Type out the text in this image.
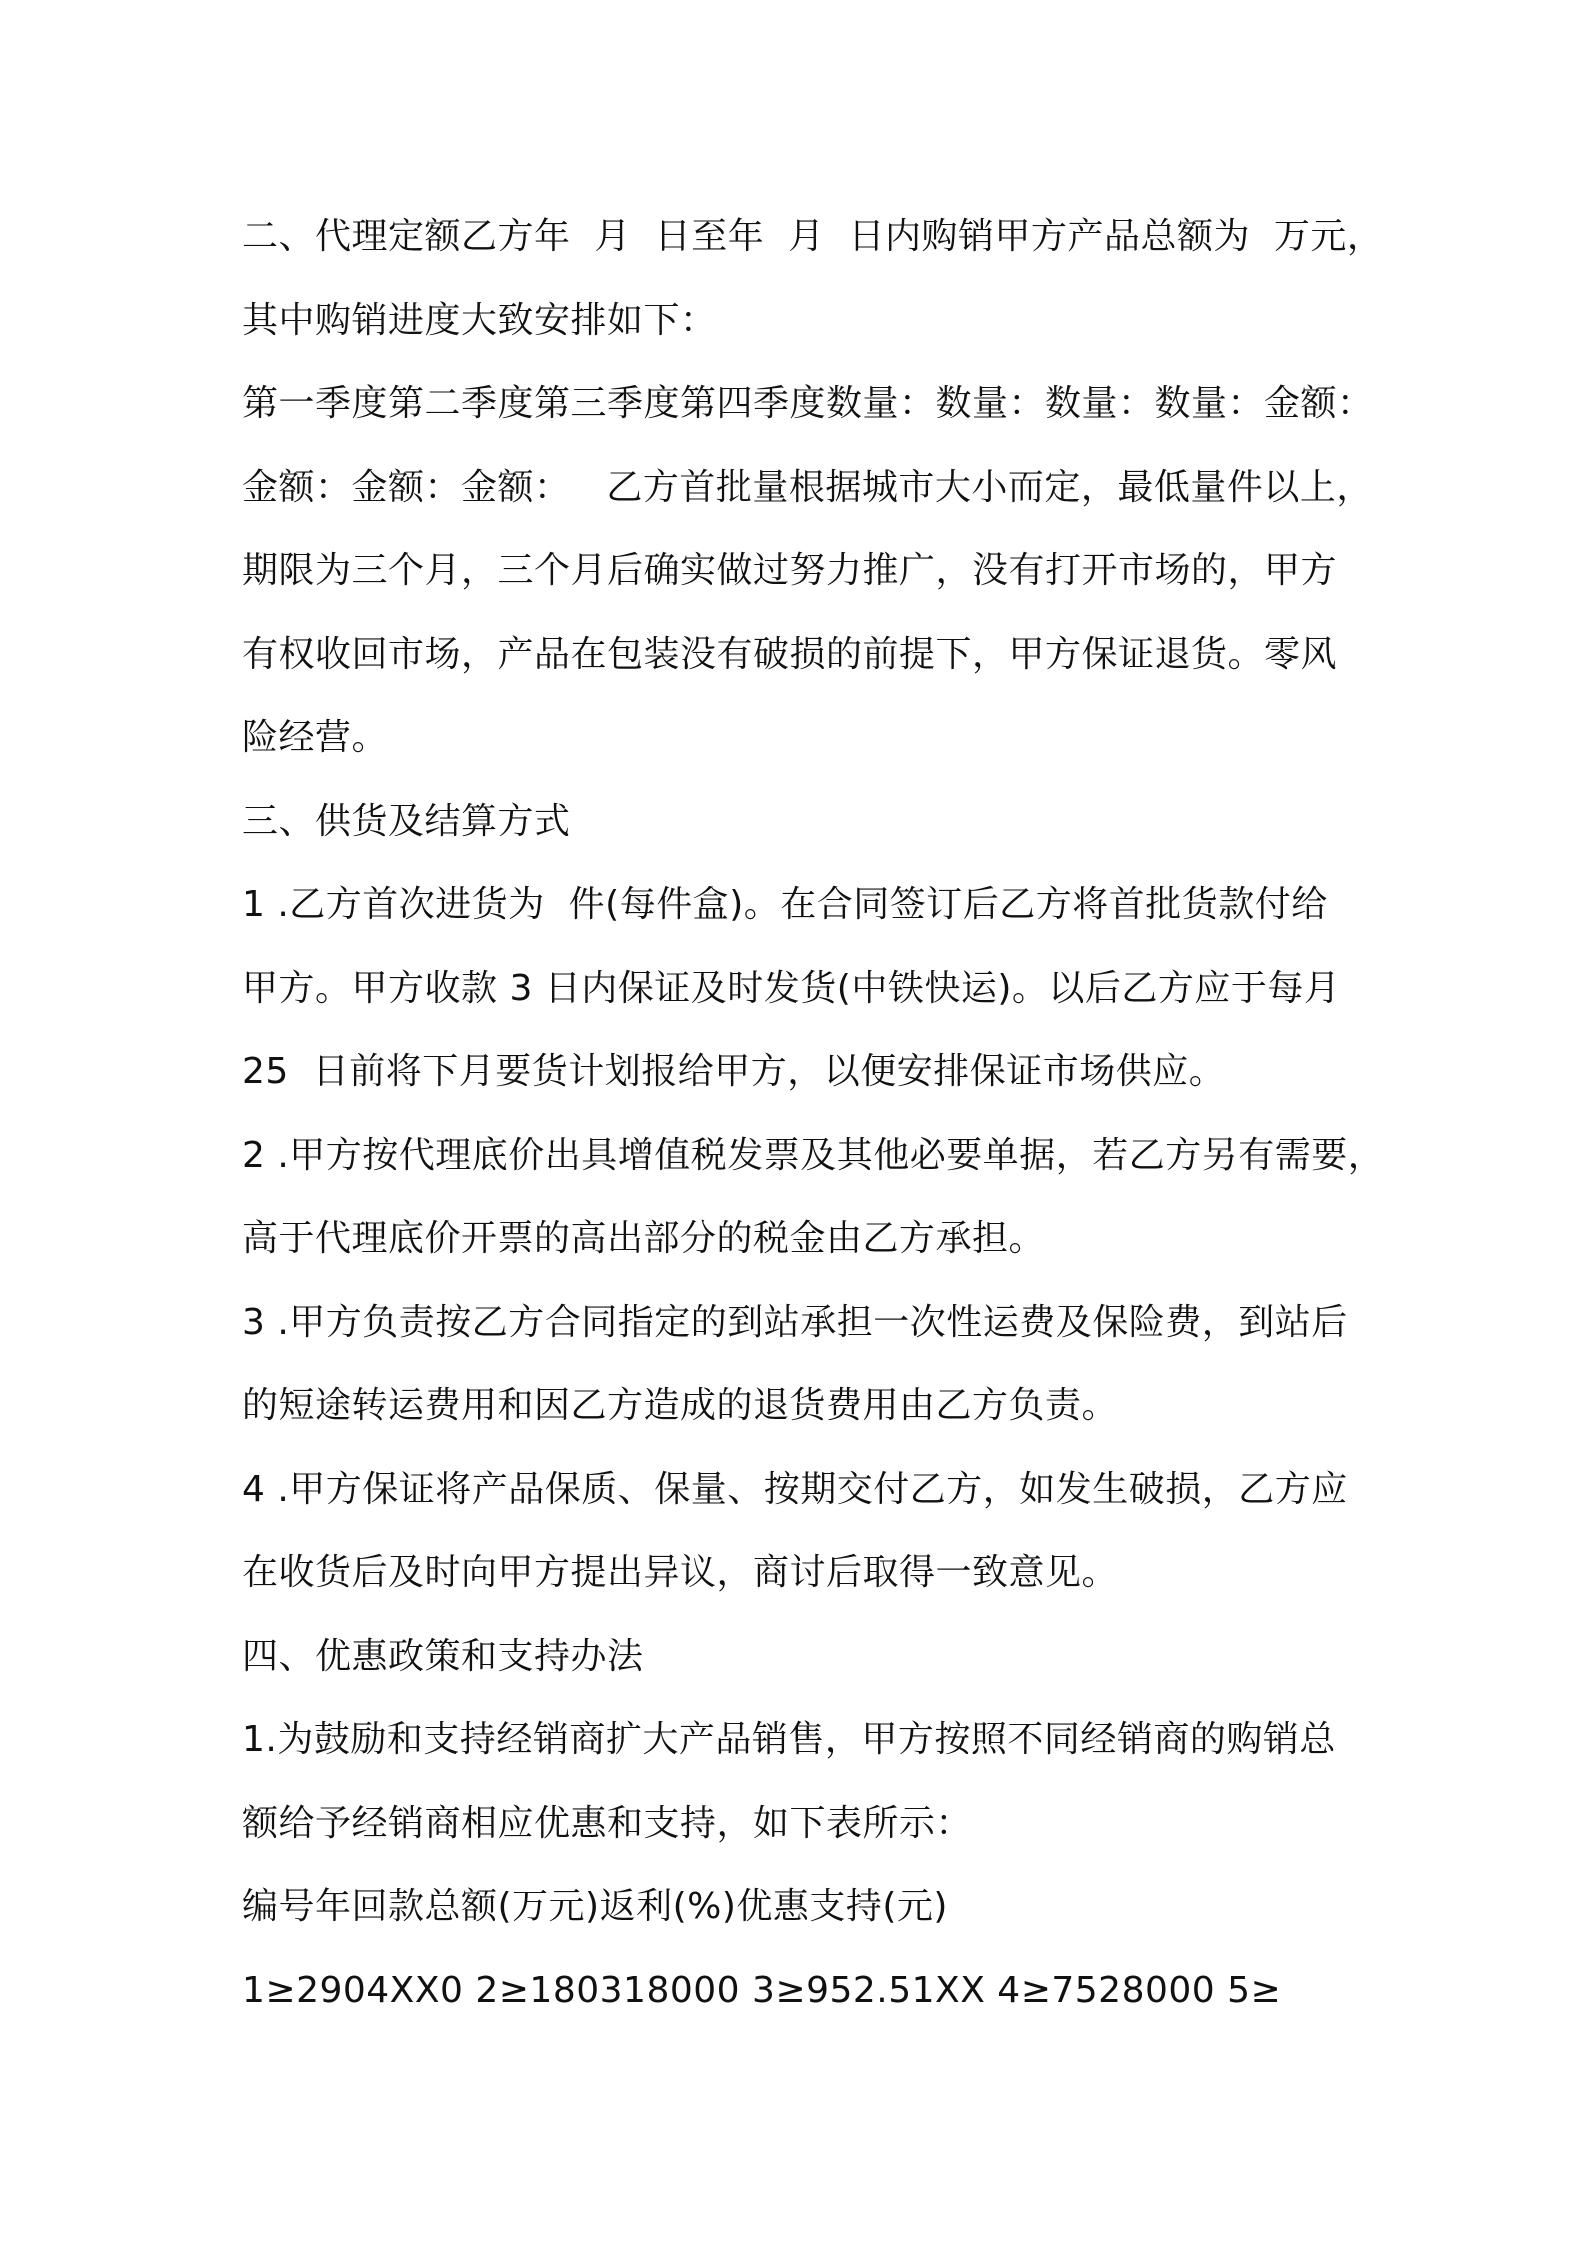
二、代理定额乙方年  月  日至年  月  日内购销甲方产品总额为  万元，
其中购销进度大致安排如下：
第一季度第二季度第三季度第四季度数量：数量：数量：数量：金额：
金额：金额：金额：   乙方首批量根据城市大小而定，最低量件以上，
期限为三个月，三个月后确实做过努力推广，没有打开市场的，甲方
有权收回市场，产品在包装没有破损的前提下，甲方保证退货。零风
险经营。
三、供货及结算方式
1 .乙方首次进货为  件(每件盒)。在合同签订后乙方将首批货款付给
甲方。甲方收款 3 日内保证及时发货(中铁快运)。以后乙方应于每月
25  日前将下月要货计划报给甲方，以便安排保证市场供应。
2 .甲方按代理底价出具增值税发票及其他必要单据，若乙方另有需要，
高于代理底价开票的高出部分的税金由乙方承担。
3 .甲方负责按乙方合同指定的到站承担一次性运费及保险费，到站后
的短途转运费用和因乙方造成的退货费用由乙方负责。
4 .甲方保证将产品保质、保量、按期交付乙方，如发生破损，乙方应
在收货后及时向甲方提出异议，商讨后取得一致意见。
四、优惠政策和支持办法
1.为鼓励和支持经销商扩大产品销售，甲方按照不同经销商的购销总
额给予经销商相应优惠和支持，如下表所示：
编号年回款总额(万元)返利(%)优惠支持(元)
1≥2904XX0 2≥180318000 3≥952.51XX 4≥7528000 5≥
